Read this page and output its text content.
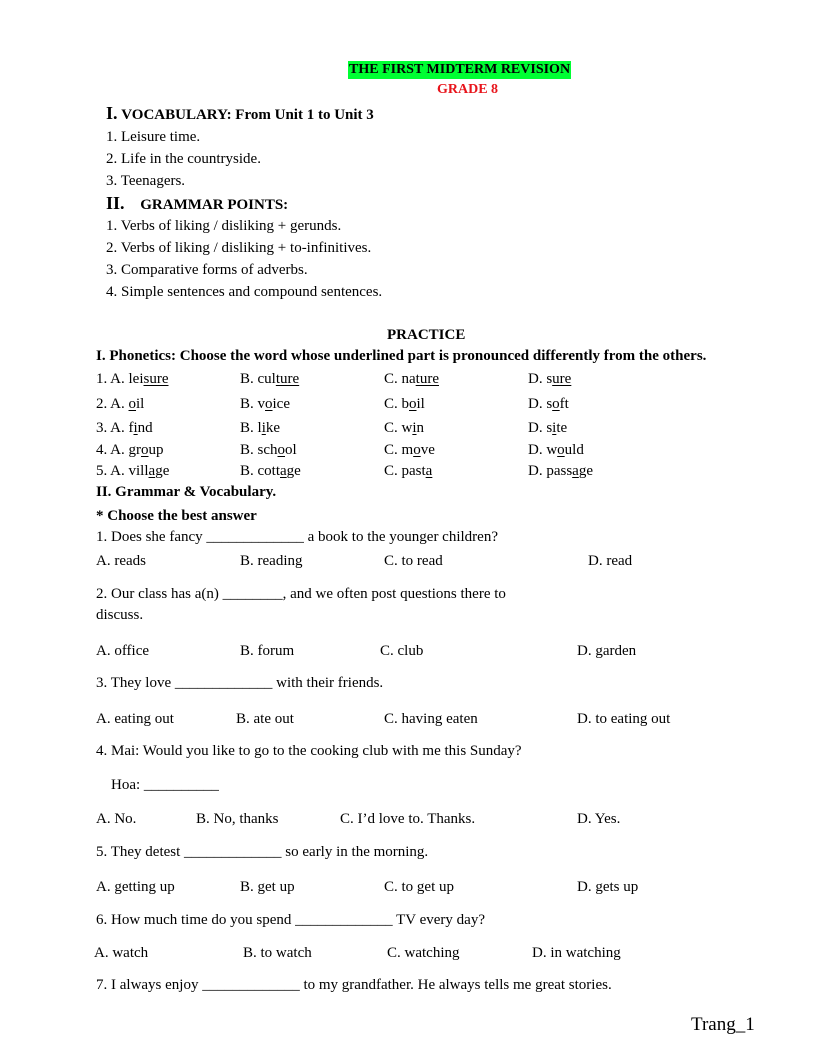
THE FIRST MIDTERM REVISION
GRADE 8
I. VOCABULARY: From Unit 1 to Unit 3
1. Leisure time.
2. Life in the countryside.
3. Teenagers.
II. GRAMMAR POINTS:
1. Verbs of liking / disliking + gerunds.
2. Verbs of liking / disliking + to-infinitives.
3. Comparative forms of adverbs.
4. Simple sentences and compound sentences.
PRACTICE
I. Phonetics: Choose the word whose underlined part is pronounced differently from the others.
1. A. leisure	B. culture	C. nature	D. sure
2. A. oil	B. voice	C. boil	D. soft
3. A. find	B. like	C. win	D. site
4. A. group	B. school	C. move	D. would
5. A. village	B. cottage	C. pasta	D. passage
II. Grammar & Vocabulary.
* Choose the best answer
1. Does she fancy _____________ a book to the younger children?
A. reads	B. reading	C. to read	D. read
2. Our class has a(n) ________, and we often post questions there to
discuss.
A. office	B. forum	C. club	D. garden
3. They love _____________ with their friends.
A. eating out	B. ate out	C. having eaten	D. to eating out
4. Mai: Would you like to go to the cooking club with me this Sunday?
Hoa: __________
A. No.	B. No, thanks	C. I’d love to. Thanks.	D. Yes.
5. They detest _____________ so early in the morning.
A. getting up	B. get up	C. to get up	D. gets up
6. How much time do you spend _____________ TV every day?
A. watch	B. to watch	C. watching	D. in watching
7. I always enjoy _____________ to my grandfather. He always tells me great stories.
Trang_1
